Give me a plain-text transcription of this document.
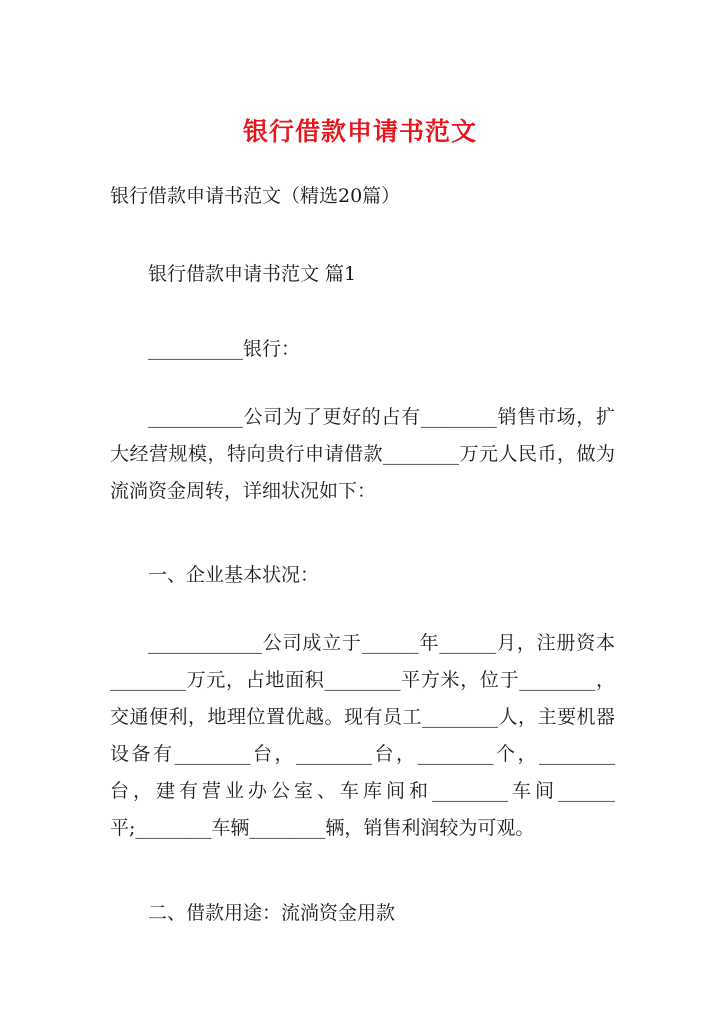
银行借款申请书范文
银行借款申请书范文（精选20篇）
银行借款申请书范文 篇1
__________银行：
__________公司为了更好的占有________销售市场，扩大经营规模，特向贵行申请借款________万元人民币，做为流淌资金周转，详细状况如下：
一、企业基本状况：
____________公司成立于______年______月，注册资本________万元，占地面积________平方米，位于________，交通便利，地理位置优越。现有员工________人，主要机器设备有________台，________台，________个，________台，建有营业办公室、车库间和________车间______平;________车辆________辆，销售利润较为可观。
二、借款用途：流淌资金用款
